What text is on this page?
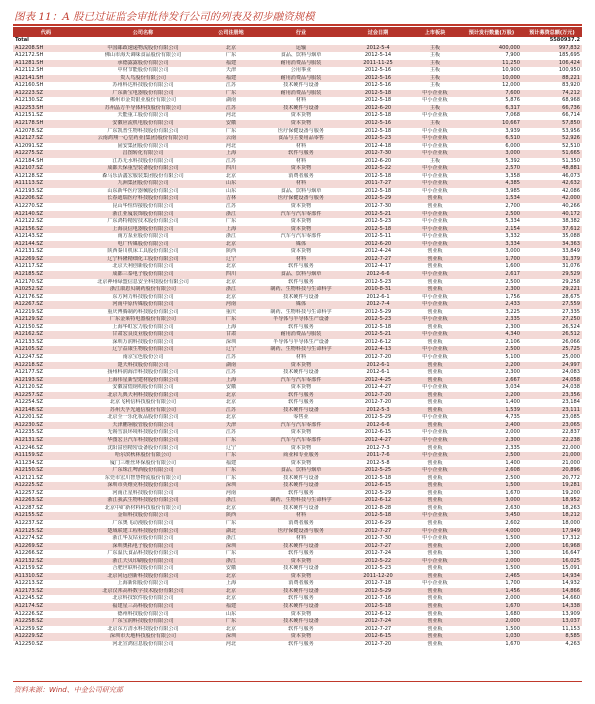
图表 11：A 股已过证监会审批待发行公司的列表及初步融资规模
代码	公司名称	公司注册地	行业	过会日期	上市板块	预计发行数量(万股)	预计募资总额(万元)
Total							5580937.2
A12208.SH	中国邮政速递物流股份有限公司	北京	运输	2012-5-4	主板	400,000	997,832
A12172.SH	佛山市海天调味食品股份有限公司	广东	食品、饮料与烟草	2012-5-14	主板	7,900	185,695
A11281.SH	承德露露股份有限公司	福建	耐用消费品与服装	2011-11-25	主板	11,250	106,424
A12112.SH	中材节能股份有限公司	天津	公用事业	2012-5-16	主板	10,900	100,950
A12141.SH	贵人鸟股份有限公司	福建	耐用消费品与服装	2012-5-16	主板	10,000	88,221
A12160.SH	苏州科达科技股份有限公司	江苏	技术硬件与设备	2012-5-16	主板	12,000	83,920
A12223.SZ	广东新宝电器股份有限公司	广东	耐用消费品与服装	2012-5-18	中小企业板	7,600	74,212
A12130.SZ	郴州市金贵银业股份有限公司	湖南	材料	2012-5-18	中小企业板	5,876	68,968
A12253.SH	苏州晶方半导体科技股份有限公司	江苏	技术硬件与设备	2012-6-20	主板	6,317	66,736
A12151.SZ	天能重工股份有限公司	河北	资本货物	2012-5-18	中小企业板	7,068	66,714
A12178.SH	安徽应流机电股份有限公司	安徽	资本货物	2012-5-16	主板	10,667	57,850
A12078.SZ	广东凯普生物科技股份有限公司	广东	医疗保健设备与服务	2012-5-18	中小企业板	3,939	53,956
A12127.SZ	云南鸿翔一心堂药业(集团)股份有限公司	云南	食品与主要用品零售	2012-5-23	中小企业板	6,510	52,926
A12091.SZ	固安集团股份有限公司	河北	材料	2012-4-18	中小企业板	6,000	52,510
A12275.SZ	昌图转化有限公司	上海	软件与服务	2012-7-30	中小企业板	3,000	51,665
A12184.SH	江苏无水科技股份有限公司	江苏	材料	2012-6-20	主板	5,392	51,350
A12107.SZ	成都天保重型装备股份有限公司	四川	资本货物	2012-5-22	中小企业板	2,570	48,881
A12128.SZ	森马乐活鑫宏服装集团股份有限公司	北京	消费者服务	2012-5-18	中小企业板	3,358	46,073
A11113.SZ	九洲集团股份有限公司	山东	材料	2011-7-27	中小企业板	4,385	42,632
A12193.SZ	山东新华医疗器械股份有限公司	山东	食品、饮料与烟草	2012-5-18	中小企业板	3,985	42,086
A12206.SZ	长春迪瑞医疗科技股份有限公司	吉林	医疗保健设备与服务	2012-5-29	创业板	1,534	42,000
A12270.SZ	昆山华恒焊接股份有限公司	江苏	资本货物	2012-7-30	创业板	2,700	40,266
A12140.SZ	浙江亚厦装饰股份有限公司	浙江	汽车与汽车零部件	2012-5-21	中小企业板	2,500	40,172
A12122.SZ	广东鸿特精密技术股份有限公司	广东	资本货物	2012-5-23	中小企业板	5,334	38,382
A12156.SZ	上海良信电器股份有限公司	上海	资本货物	2012-5-18	中小企业板	2,154	37,612
A12143.SZ	南方泵业股份有限公司	浙江	汽车与汽车零部件	2012-5-11	中小企业板	3,332	35,088
A12144.SZ	电广传媒股份有限公司	北京	媒体	2012-6-20	中小企业板	3,334	34,363
A12131.SZ	陕西秦川机床工具股份有限公司	陕西	资本货物	2012-4-24	创业板	3,000	33,849
A12269.SZ	辽宁科隆精细化工股份有限公司	辽宁	材料	2012-7-27	创业板	1,700	31,379
A12117.SZ	北京天利创新股份有限公司	北京	软件与服务	2012-4-17	创业板	1,600	31,076
A12185.SZ	成都三泰电子股份有限公司	四川	食品、饮料与烟草	2012-6-6	中小企业板	2,617	29,529
A12170.SZ	北京神州绿盟信息安全科技股份有限公司	北京	软件与服务	2012-5-23	创业板	2,500	29,258
A10252.SZ	浙江康恩贝制药股份有限公司	浙江	制药、生物科技与生命科学	2010-8-31	创业板	2,300	29,221
A12176.SZ	东方网力科技股份有限公司	北京	技术硬件与设备	2012-6-1	中小企业板	1,756	28,675
A12267.SZ	河南中原传媒股份有限公司	河南	媒体	2012-7-4	中小企业板	2,433	27,559
A12219.SZ	重庆博腾制药科技股份有限公司	重庆	制药、生物科技与生命科学	2012-5-29	创业板	3,225	27,335
A12129.SZ	广东金莱特电器股份有限公司	广东	半导体与半导体生产设备	2012-5-23	中小企业板	2,335	27,250
A12150.SZ	上海华虹宏力股份有限公司	上海	软件与服务	2012-5-18	创业板	2,300	26,524
A12162.SZ	甘肃宏良皮业股份有限公司	甘肃	耐用消费品与服装	2012-5-21	中小企业板	4,340	26,512
A12133.SZ	深圳万润科技股份有限公司	深圳	半导体与半导体生产设备	2012-6-12	创业板	2,106	26,066
A12105.SZ	辽宁益康生物股份有限公司	辽宁	制药、生物科技与生命科学	2012-4-13	中小企业板	2,500	25,725
A12247.SZ	南京宝色股份公司	江苏	材料	2012-7-20	中小企业板	5,100	25,000
A12218.SZ	楚天科技股份有限公司	湖南	资本货物	2012-6-1	创业板	2,200	24,997
A12177.SZ	扬州科润海洋科技股份有限公司	江苏	技术硬件与设备	2012-6-1	创业板	2,300	24,083
A12193.SZ	上海伟星新型建材股份有限公司	上海	汽车与汽车零部件	2012-4-25	创业板	2,667	24,058
A12120.SZ	安徽富煌钢构股份有限公司	安徽	资本货物	2012-4-27	中小企业板	3,034	24,038
A12257.SZ	北京九典天利科技股份有限公司	北京	软件与服务	2012-7-20	创业板	2,200	23,356
A12254.SZ	北京飞利信科技股份有限公司	北京	软件与服务	2012-7-20	创业板	1,400	23,184
A12148.SZ	苏州天孚光通信股份有限公司	江苏	技术硬件与设备	2012-5-3	创业板	1,539	23,111
A12201.SZ	北京全一乐化妆品股份有限公司	北京	零售业	2012-5-29	中小企业板	4,735	23,085
A12230.SZ	天津鹏翎胶管股份有限公司	天津	汽车与汽车零部件	2012-6-6	创业板	2,400	23,065
A12235.SZ	无锡雪浪环境科技股份有限公司	江苏	资本货物	2012-6-15	中小企业板	2,000	22,837
A12131.SZ	华图宏卫汽车科技股份有限公司	广东	汽车与汽车零部件	2012-4-27	中小企业板	2,300	22,238
A12246.SZ	沈阳富创精密设备股份有限公司	辽宁	资本货物	2012-7-3	创业板	2,335	22,000
A11159.SZ	哈尔滨秋林股份有限公司	广东	商业和专业服务	2011-7-6	中小企业板	2,500	21,000
A11234.SZ	厦门三维丝环保股份有限公司	福建	资本货物	2012-5-8	创业板	1,400	21,000
A12150.SZ	广东珠江啤酒股份有限公司	广东	食品、饮料与烟草	2012-5-25	中小企业板	2,608	20,896
A12121.SZ	东莞市宏川智慧物流股份有限公司	广东	技术硬件与设备	2012-5-18	创业板	2,500	20,772
A12225.SZ	深圳市英维克科技股份有限公司	深圳	技术硬件与设备	2012-6-15	创业板	1,500	19,281
A12257.SZ	河南正星科技股份有限公司	河南	软件与服务	2012-5-29	创业板	1,670	19,200
A12263.SZ	浙江我武生物科技股份有限公司	浙江	制药、生物科技与生命科学	2012-6-12	创业板	3,000	18,952
A12287.SZ	北京中矿新材料科技股份有限公司	北京	技术硬件与设备	2012-8-28	创业板	2,630	18,263
A12155.SZ	金钼科技股份有限公司	陕西	材料	2012-5-18	中小企业板	3,450	18,212
A12237.SZ	广东奥飞动漫股份有限公司	广东	消费者服务	2012-6-29	创业板	2,602	18,000
A12125.SZ	楚域联建工程科技股份有限公司	湖北	医疗保健设备与服务	2012-7-27	中小企业板	4,000	17,949
A12274.SZ	浙江华友钴业股份有限公司	浙江	材料	2012-7-30	中小企业板	1,500	17,312
A12269.SZ	深圳奥拓电子股份有限公司	深圳	技术硬件与设备	2012-7-27	创业板	2,000	16,968
A12266.SZ	广东温氏食品科技股份有限公司	广东	软件与服务	2012-7-24	创业板	1,300	16,647
A12132.SZ	浙江天贝印刷股份有限公司	浙江	资本货物	2012-5-22	中小企业板	2,000	16,025
A12159.SZ	合肥世联科技股份有限公司	安徽	技术硬件与设备	2012-5-23	创业板	1,500	15,091
A11310.SZ	北京同远创新科技股份有限公司	北京	资本货物	2011-12-20	创业板	2,465	14,934
A12213.SZ	上海新阳股份有限公司	上海	消费者服务	2012-7-18	中小企业板	1,700	14,932
A12173.SZ	北京汉邦高科数字技术股份有限公司	北京	技术硬件与设备	2012-5-29	创业板	1,456	14,866
A12245.SZ	北京科技软件股份有限公司	北京	软件与服务	2012-7-16	创业板	2,000	14,660
A12174.SZ	福建星三高科股份有限公司	福建	技术硬件与设备	2012-5-18	创业板	1,670	14,338
A12226.SZ	德州科技股份有限公司	山东	资本货物	2012-6-12	创业板	1,680	13,909
A12258.SZ	广东宝润科技股份有限公司	广东	技术硬件与设备	2012-7-24	创业板	2,000	13,037
A12259.SZ	北京东方清水科技股份有限公司	北京	软件与服务	2012-7-27	创业板	1,500	11,153
A12229.SZ	深圳市天地科技股份有限公司	深圳	资本货物	2012-6-15	创业板	1,030	8,585
A12250.SZ	河北宣鸿信息股份有限公司	河北	软件与服务	2012-7-20	创业板	1,670	4,263
资料来源：Wind、中金公司研究部
